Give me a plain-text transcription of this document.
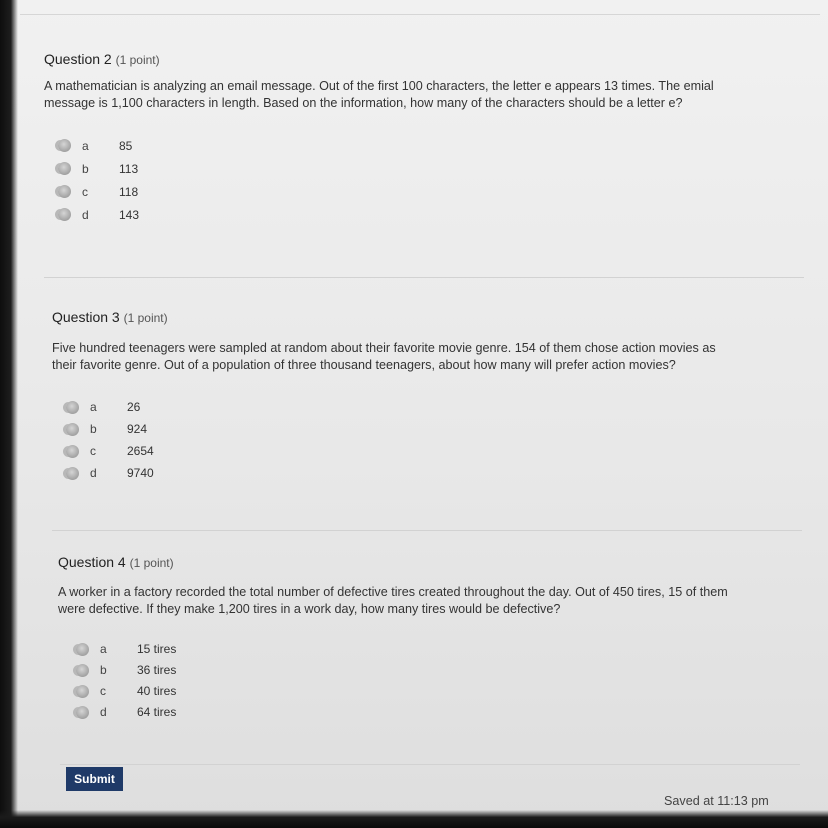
Question 2 (1 point)
A mathematician is analyzing an email message. Out of the first 100 characters, the letter e appears 13 times. The emial
message is 1,100 characters in length. Based on the information, how many of the characters should be a letter e?
a	85
b	113
c	118
d	143
Question 3 (1 point)
Five hundred teenagers were sampled at random about their favorite movie genre. 154 of them chose action movies as
their favorite genre. Out of a population of three thousand teenagers, about how many will prefer action movies?
a	26
b	924
c	2654
d	9740
Question 4 (1 point)
A worker in a factory recorded the total number of defective tires created throughout the day. Out of 450 tires, 15 of them
were defective. If they make 1,200 tires in a work day, how many tires would be defective?
a	15 tires
b	36 tires
c	40 tires
d	64 tires
Submit
Saved at 11:13 pm
